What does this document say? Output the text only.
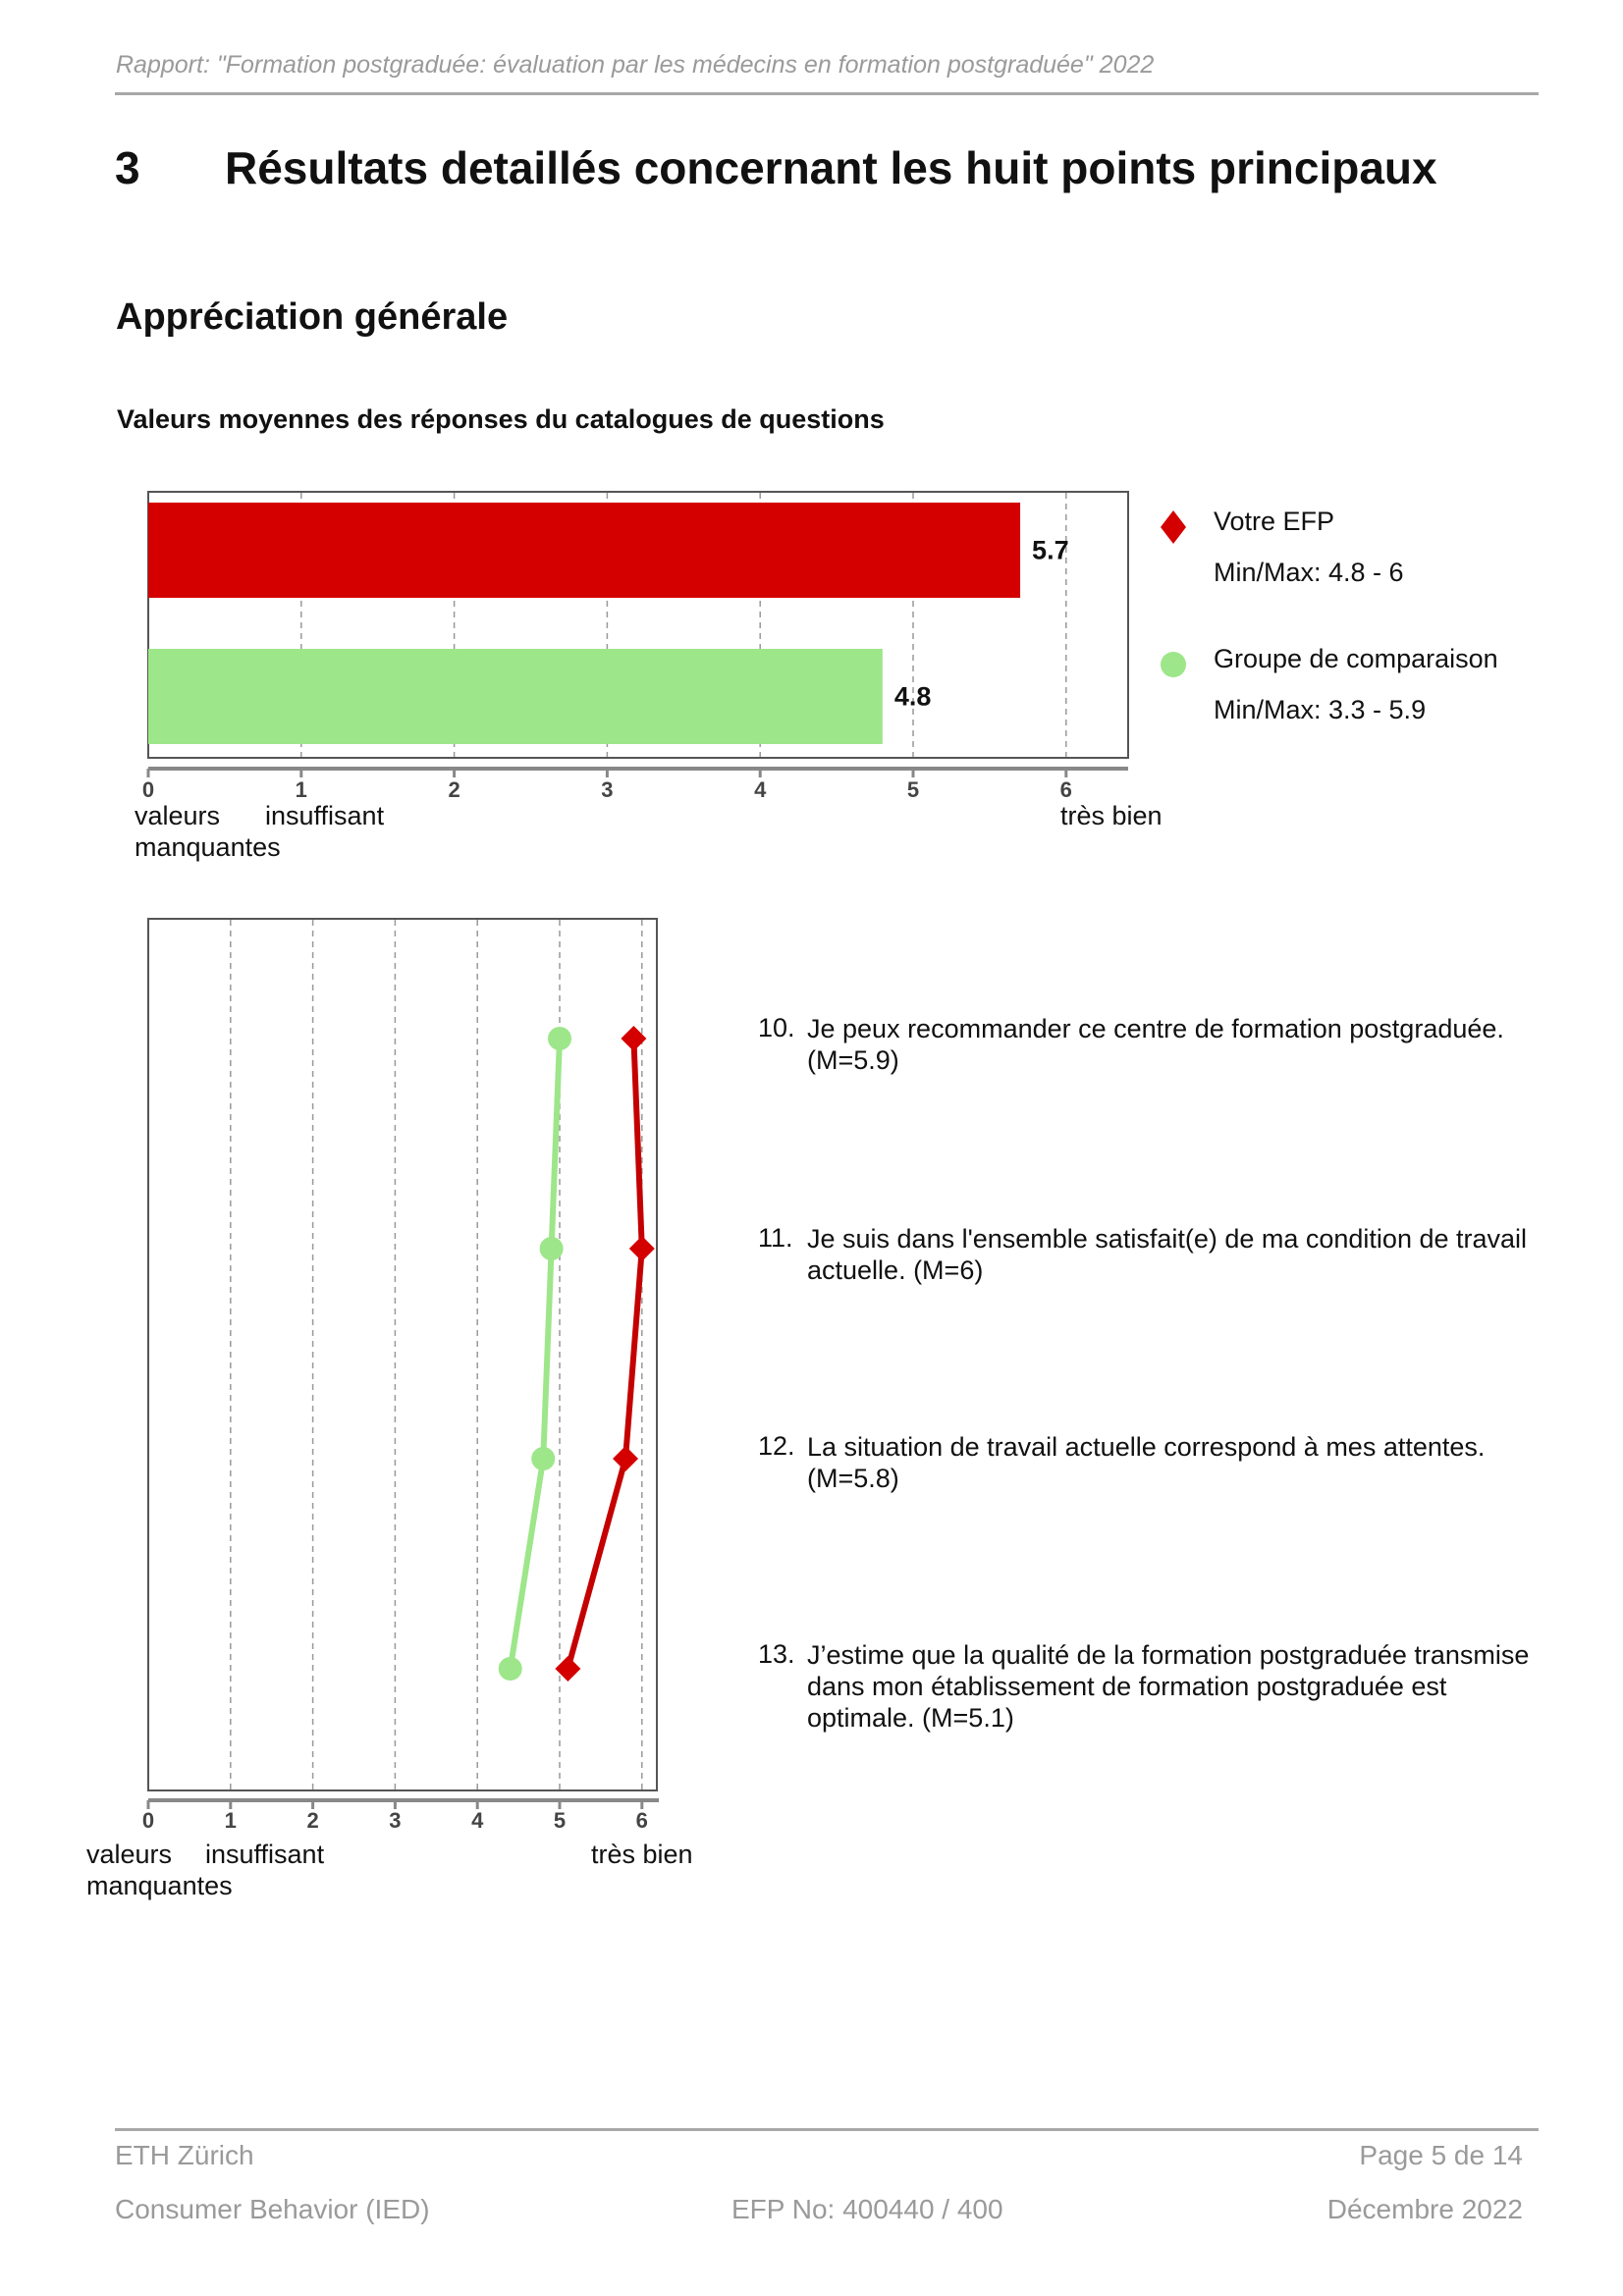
Rapport: "Formation postgraduée: évaluation par les médecins en formation postgraduée" 2022
3 Résultats detaillés concernant les huit points principaux
Appréciation générale
Valeurs moyennes des réponses du catalogues de questions
5.7
4.8
0	1	2	3	4	5	6
valeurs
manquantes
insuffisant	très bien
Votre EFP
Min/Max: 4.8 - 6
Groupe de comparaison
Min/Max: 3.3 - 5.9
0	1	2	3	4	5	6
valeurs
manquantes
insuffisant	très bien
10. Je peux recommander ce centre de formation postgraduée. (M=5.9)
11. Je suis dans l'ensemble satisfait(e) de ma condition de travail actuelle. (M=6)
12. La situation de travail actuelle correspond à mes attentes. (M=5.8)
13. J’estime que la qualité de la formation postgraduée transmise dans mon établissement de formation postgraduée est optimale. (M=5.1)
ETH Zürich
Consumer Behavior (IED)	EFP No: 400440 / 400
Page 5 de 14
Décembre 2022
